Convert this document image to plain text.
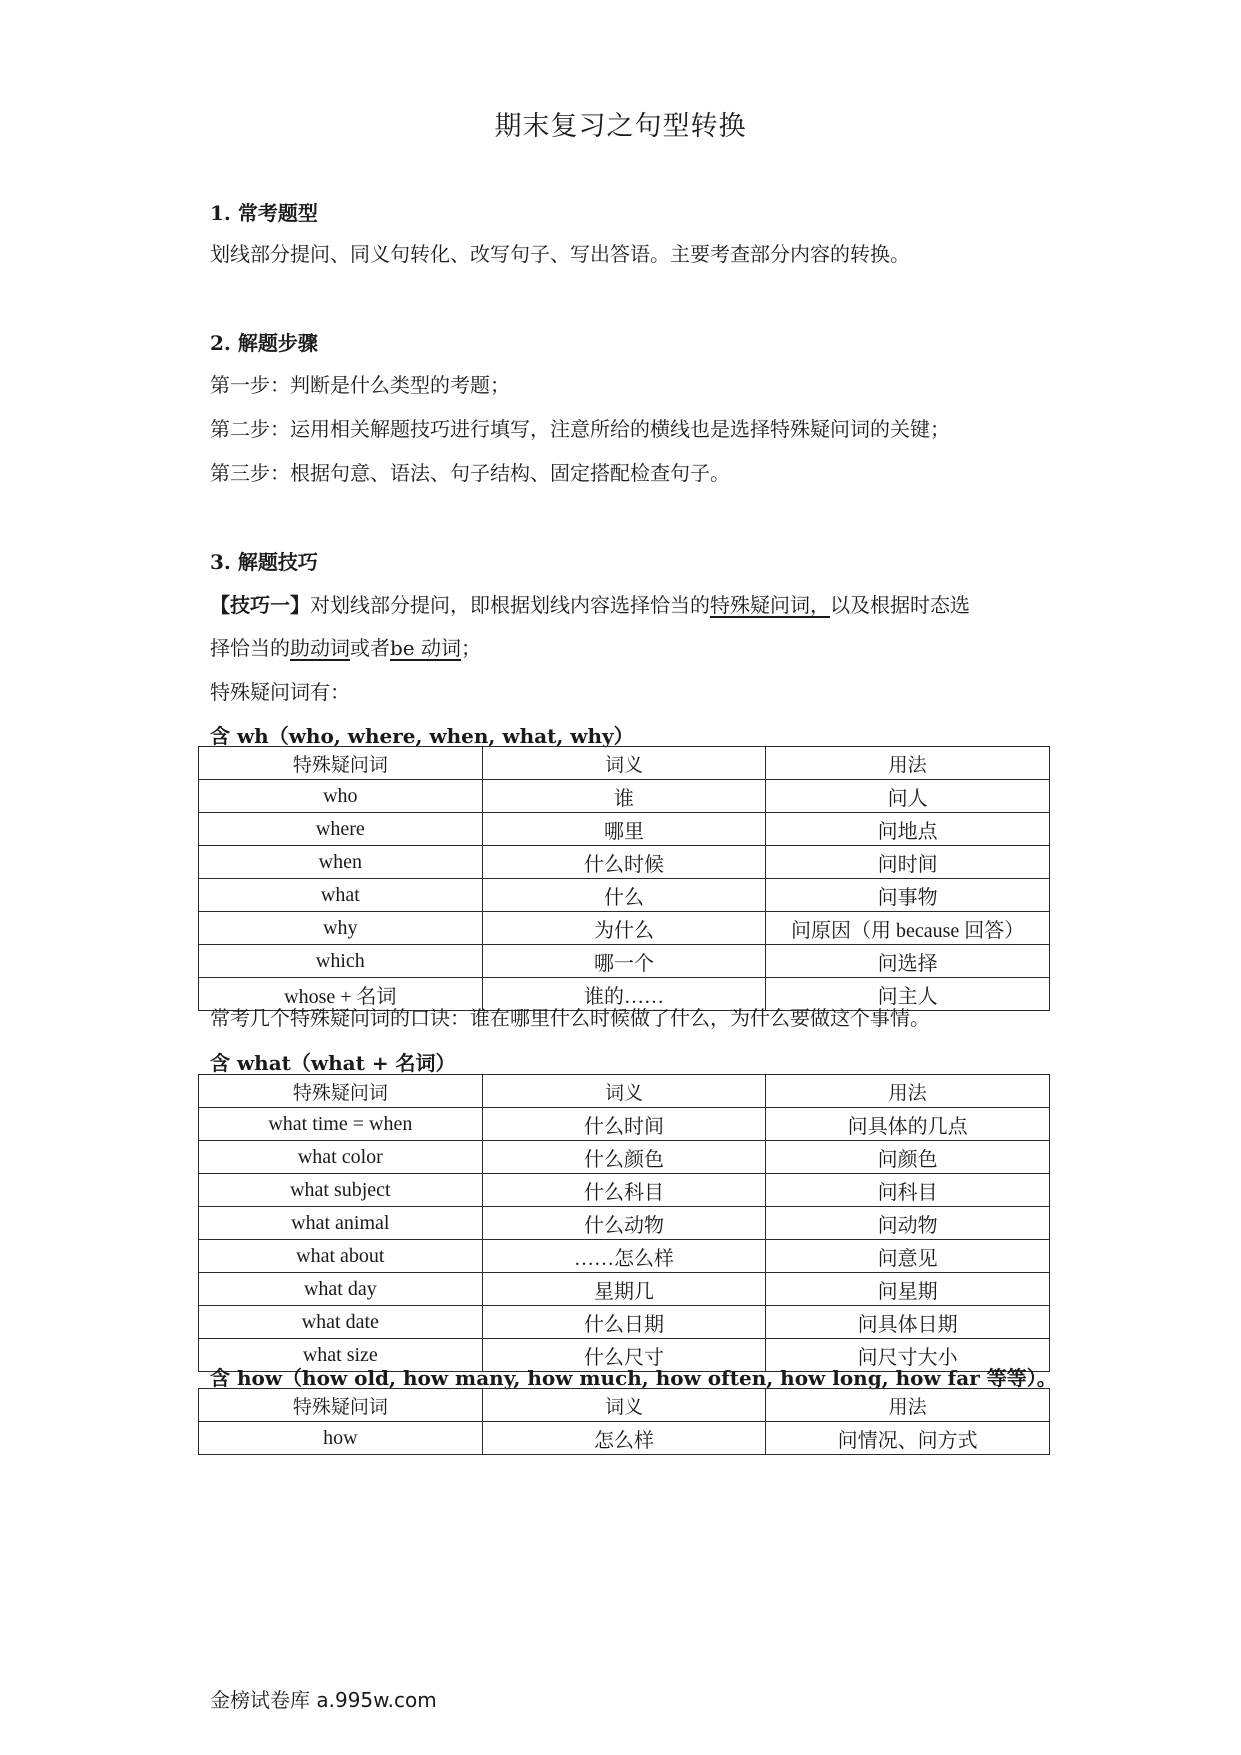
期末复习之句型转换
1. 常考题型
划线部分提问、同义句转化、改写句子、写出答语。主要考查部分内容的转换。
2. 解题步骤
第一步：判断是什么类型的考题；
第二步：运用相关解题技巧进行填写，注意所给的横线也是选择特殊疑问词的关键；
第三步：根据句意、语法、句子结构、固定搭配检查句子。
3. 解题技巧
【技巧一】对划线部分提问，即根据划线内容选择恰当的特殊疑问词，以及根据时态选
择恰当的助动词或者be 动词；
特殊疑问词有：
含 wh（who, where, when, what, why）
特殊疑问词	词义	用法
who	谁	问人
where	哪里	问地点
when	什么时候	问时间
what	什么	问事物
why	为什么	问原因（用 because 回答）
which	哪一个	问选择
whose + 名词	谁的……	问主人
常考几个特殊疑问词的口诀：谁在哪里什么时候做了什么，为什么要做这个事情。
含 what（what + 名词）
特殊疑问词	词义	用法
what time = when	什么时间	问具体的几点
what color	什么颜色	问颜色
what subject	什么科目	问科目
what animal	什么动物	问动物
what about	……怎么样	问意见
what day	星期几	问星期
what date	什么日期	问具体日期
what size	什么尺寸	问尺寸大小
含 how（how old, how many, how much, how often, how long, how far 等等）。
特殊疑问词	词义	用法
how	怎么样	问情况、问方式
金榜试卷库 a.995w.com
